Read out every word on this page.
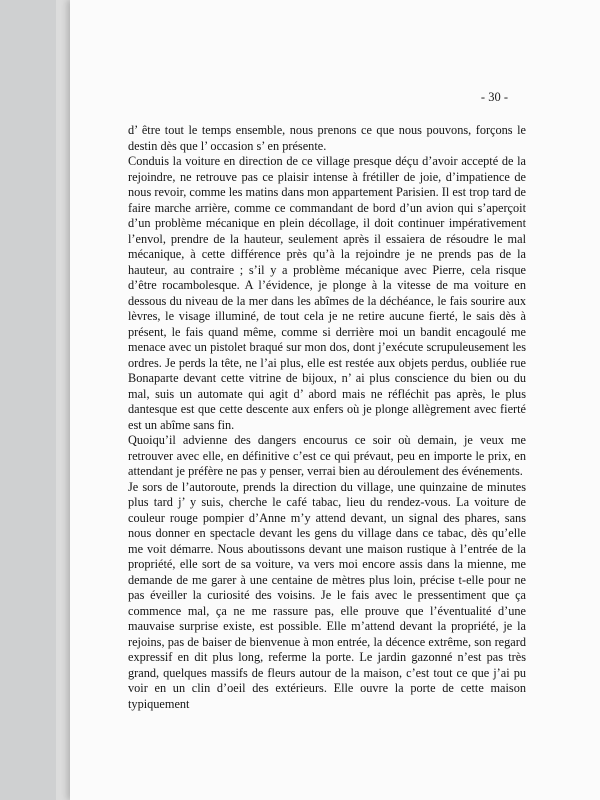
- 30 -

d’ être tout le temps ensemble, nous prenons ce que nous pouvons, forçons le destin dès que l’ occasion s’ en présente.

Conduis la voiture en direction de ce village presque déçu d’avoir accepté de la rejoindre, ne retrouve pas ce plaisir intense à frétiller de joie, d’impatience de nous revoir, comme les matins dans mon appartement Parisien. Il est trop tard de faire marche arrière, comme ce commandant de bord d’un avion qui s’aperçoit d’un problème mécanique en plein décollage, il doit continuer impérativement l’envol, prendre de la hauteur, seulement après il essaiera de résoudre le mal mécanique, à cette différence près qu’à la rejoindre je ne prends pas de la hauteur, au contraire ; s’il y a problème mécanique avec Pierre, cela risque d’être rocambolesque. A l’évidence, je plonge à la vitesse de ma voiture en dessous du niveau de la mer dans les abîmes de la déchéance, le fais sourire aux lèvres, le visage illuminé, de tout cela je ne retire aucune fierté, le sais dès à présent, le fais quand même, comme si derrière moi un bandit encagoulé me menace avec un pistolet braqué sur mon dos, dont j’exécute scrupuleusement les ordres. Je perds la tête, ne l’ai plus, elle est restée aux objets perdus, oubliée rue Bonaparte devant cette vitrine de bijoux, n’ ai plus conscience du bien ou du mal, suis un automate qui agit d’ abord mais ne réfléchit pas après, le plus dantesque est que cette descente aux enfers où je plonge allègrement avec fierté est un abîme sans fin.

Quoiqu’il advienne des dangers encourus ce soir où demain, je veux me retrouver avec elle, en définitive c’est ce qui prévaut, peu en importe le prix, en attendant je préfère ne pas y penser, verrai bien au déroulement des événements.

Je sors de l’autoroute, prends la direction du village, une quinzaine de minutes plus tard j’ y suis, cherche le café tabac, lieu du rendez-vous. La voiture de couleur rouge pompier d’Anne m’y attend devant, un signal des phares, sans nous donner en spectacle devant les gens du village dans ce tabac, dès qu’elle me voit démarre. Nous aboutissons devant une maison rustique à l’entrée de la propriété, elle sort de sa voiture, va vers moi encore assis dans la mienne, me demande de me garer à une centaine de mètres plus loin, précise t-elle pour ne pas éveiller la curiosité des voisins. Je le fais avec le pressentiment que ça commence mal, ça ne me rassure pas, elle prouve que l’éventualité d’une mauvaise surprise existe, est possible. Elle m’attend devant la propriété, je la rejoins, pas de baiser de bienvenue à mon entrée, la décence extrême, son regard expressif en dit plus long, referme la porte. Le jardin gazonné n’est pas très grand, quelques massifs de fleurs autour de la maison, c’est tout ce que j’ai pu voir en un clin d’oeil des extérieurs. Elle ouvre la porte de cette maison typiquement
